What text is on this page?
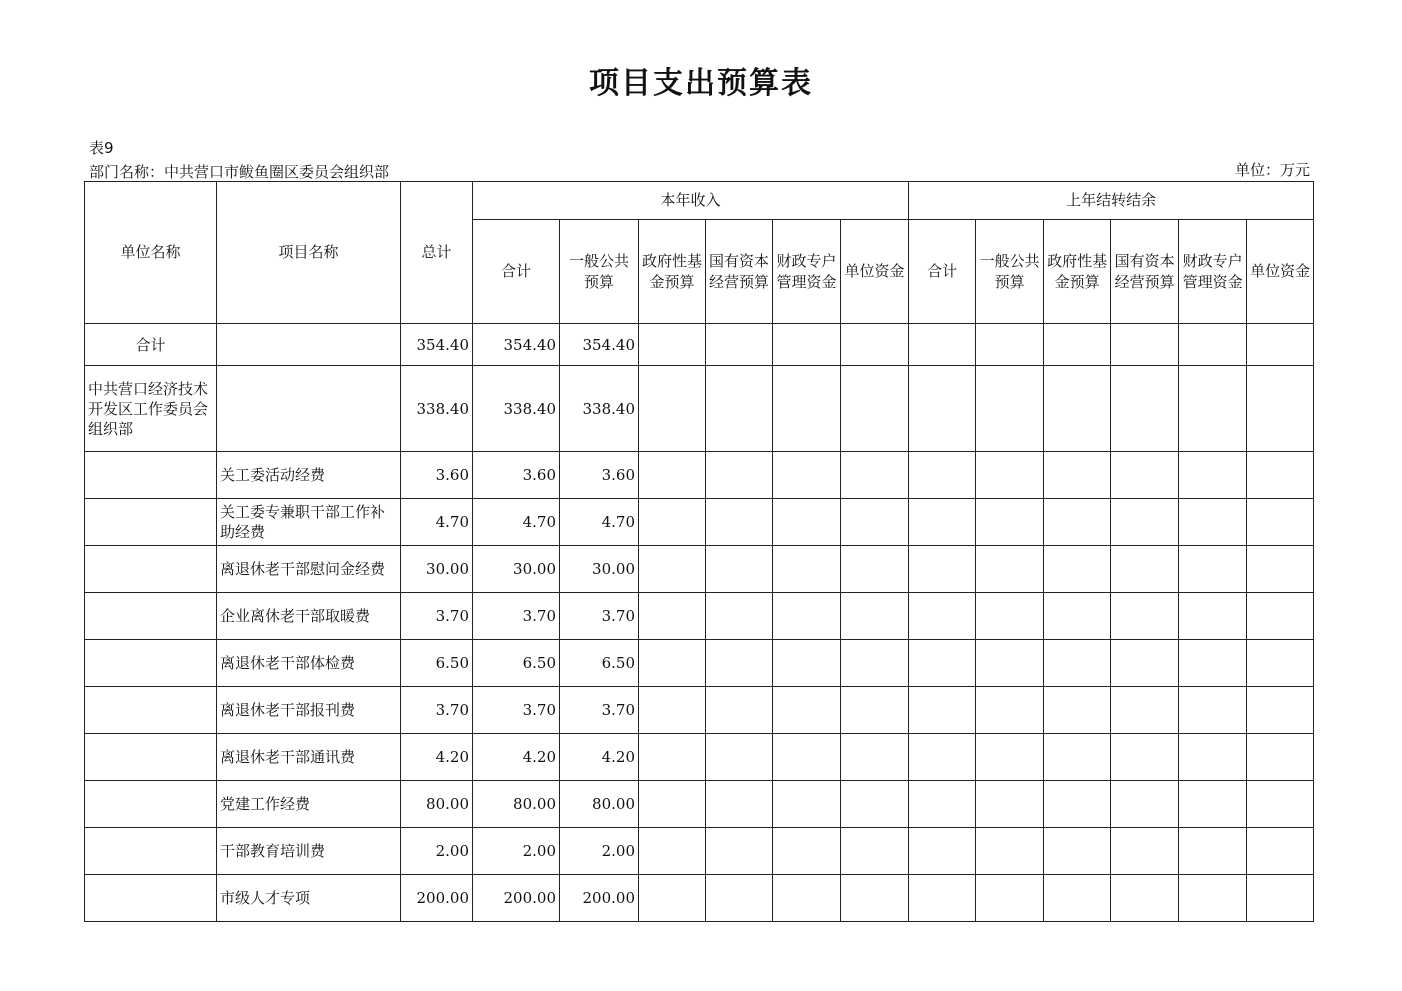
项目支出预算表
表9
部门名称：中共营口市鲅鱼圈区委员会组织部	单位：万元
单位名称	项目名称	总计	本年收入						上年结转结余					
			合计	一般公共预算	政府性基金预算	国有资本经营预算	财政专户管理资金	单位资金	合计	一般公共预算	政府性基金预算	国有资本经营预算	财政专户管理资金	单位资金
合计		354.40	354.40	354.40										
中共营口经济技术开发区工作委员会组织部		338.40	338.40	338.40										
	关工委活动经费	3.60	3.60	3.60										
	关工委专兼职干部工作补助经费	4.70	4.70	4.70										
	离退休老干部慰问金经费	30.00	30.00	30.00										
	企业离休老干部取暖费	3.70	3.70	3.70										
	离退休老干部体检费	6.50	6.50	6.50										
	离退休老干部报刊费	3.70	3.70	3.70										
	离退休老干部通讯费	4.20	4.20	4.20										
	党建工作经费	80.00	80.00	80.00										
	干部教育培训费	2.00	2.00	2.00										
	市级人才专项	200.00	200.00	200.00										
